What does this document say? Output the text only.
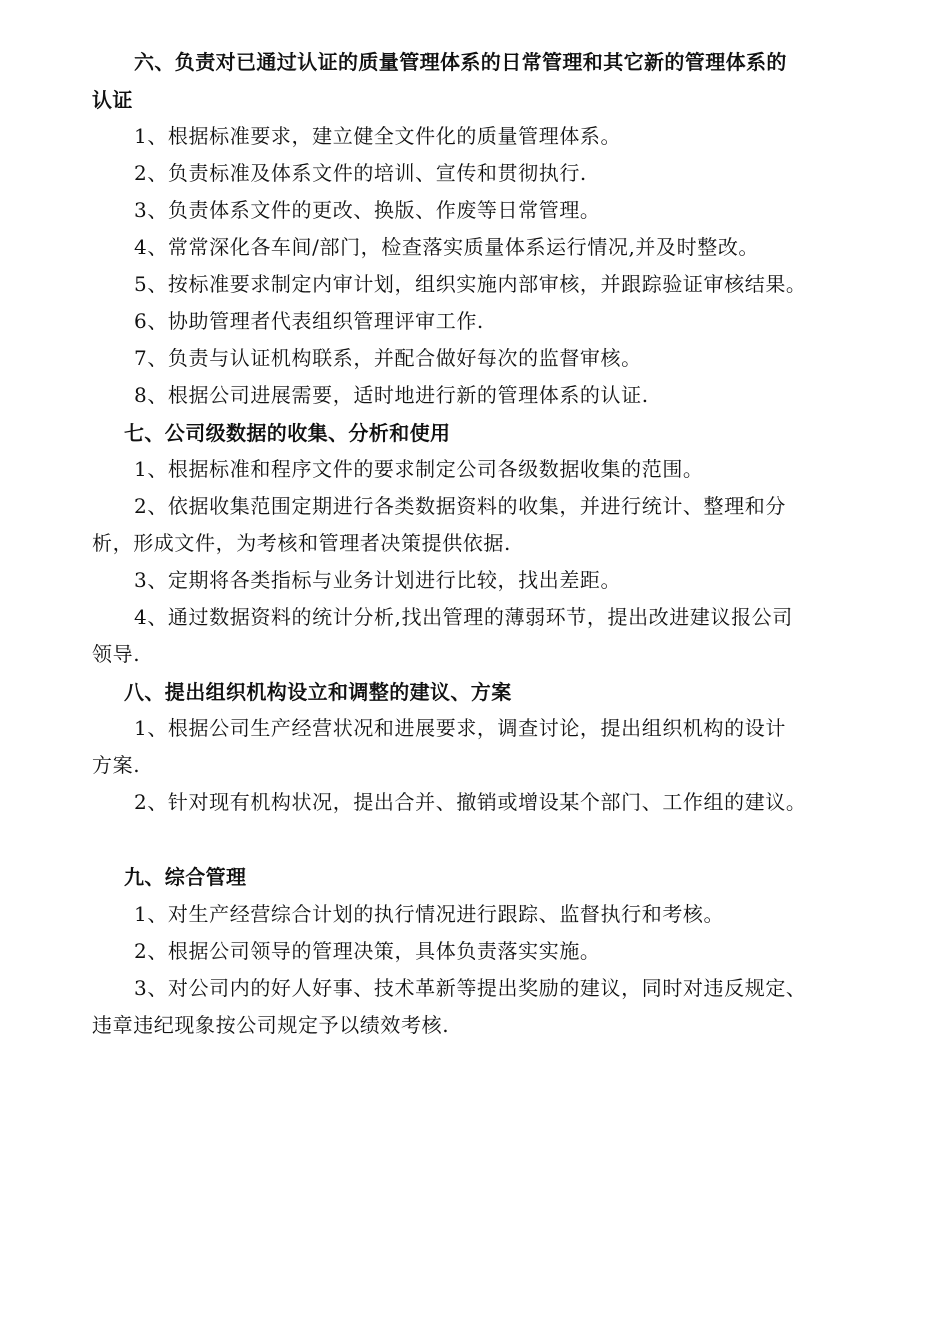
六、负责对已通过认证的质量管理体系的日常管理和其它新的管理体系的
认证
1、根据标准要求，建立健全文件化的质量管理体系。
2、负责标准及体系文件的培训、宣传和贯彻执行.
3、负责体系文件的更改、换版、作废等日常管理。
4、常常深化各车间/部门，检查落实质量体系运行情况,并及时整改。
5、按标准要求制定内审计划，组织实施内部审核，并跟踪验证审核结果。
6、协助管理者代表组织管理评审工作.
7、负责与认证机构联系，并配合做好每次的监督审核。
8、根据公司进展需要，适时地进行新的管理体系的认证.
七、公司级数据的收集、分析和使用
1、根据标准和程序文件的要求制定公司各级数据收集的范围。
2、依据收集范围定期进行各类数据资料的收集，并进行统计、整理和分
析，形成文件，为考核和管理者决策提供依据.
3、定期将各类指标与业务计划进行比较，找出差距。
4、通过数据资料的统计分析,找出管理的薄弱环节，提出改进建议报公司
领导.
八、提出组织机构设立和调整的建议、方案
1、根据公司生产经营状况和进展要求，调查讨论，提出组织机构的设计
方案.
2、针对现有机构状况，提出合并、撤销或增设某个部门、工作组的建议。
九、综合管理
1、对生产经营综合计划的执行情况进行跟踪、监督执行和考核。
2、根据公司领导的管理决策，具体负责落实实施。
3、对公司内的好人好事、技术革新等提出奖励的建议，同时对违反规定、
违章违纪现象按公司规定予以绩效考核.
